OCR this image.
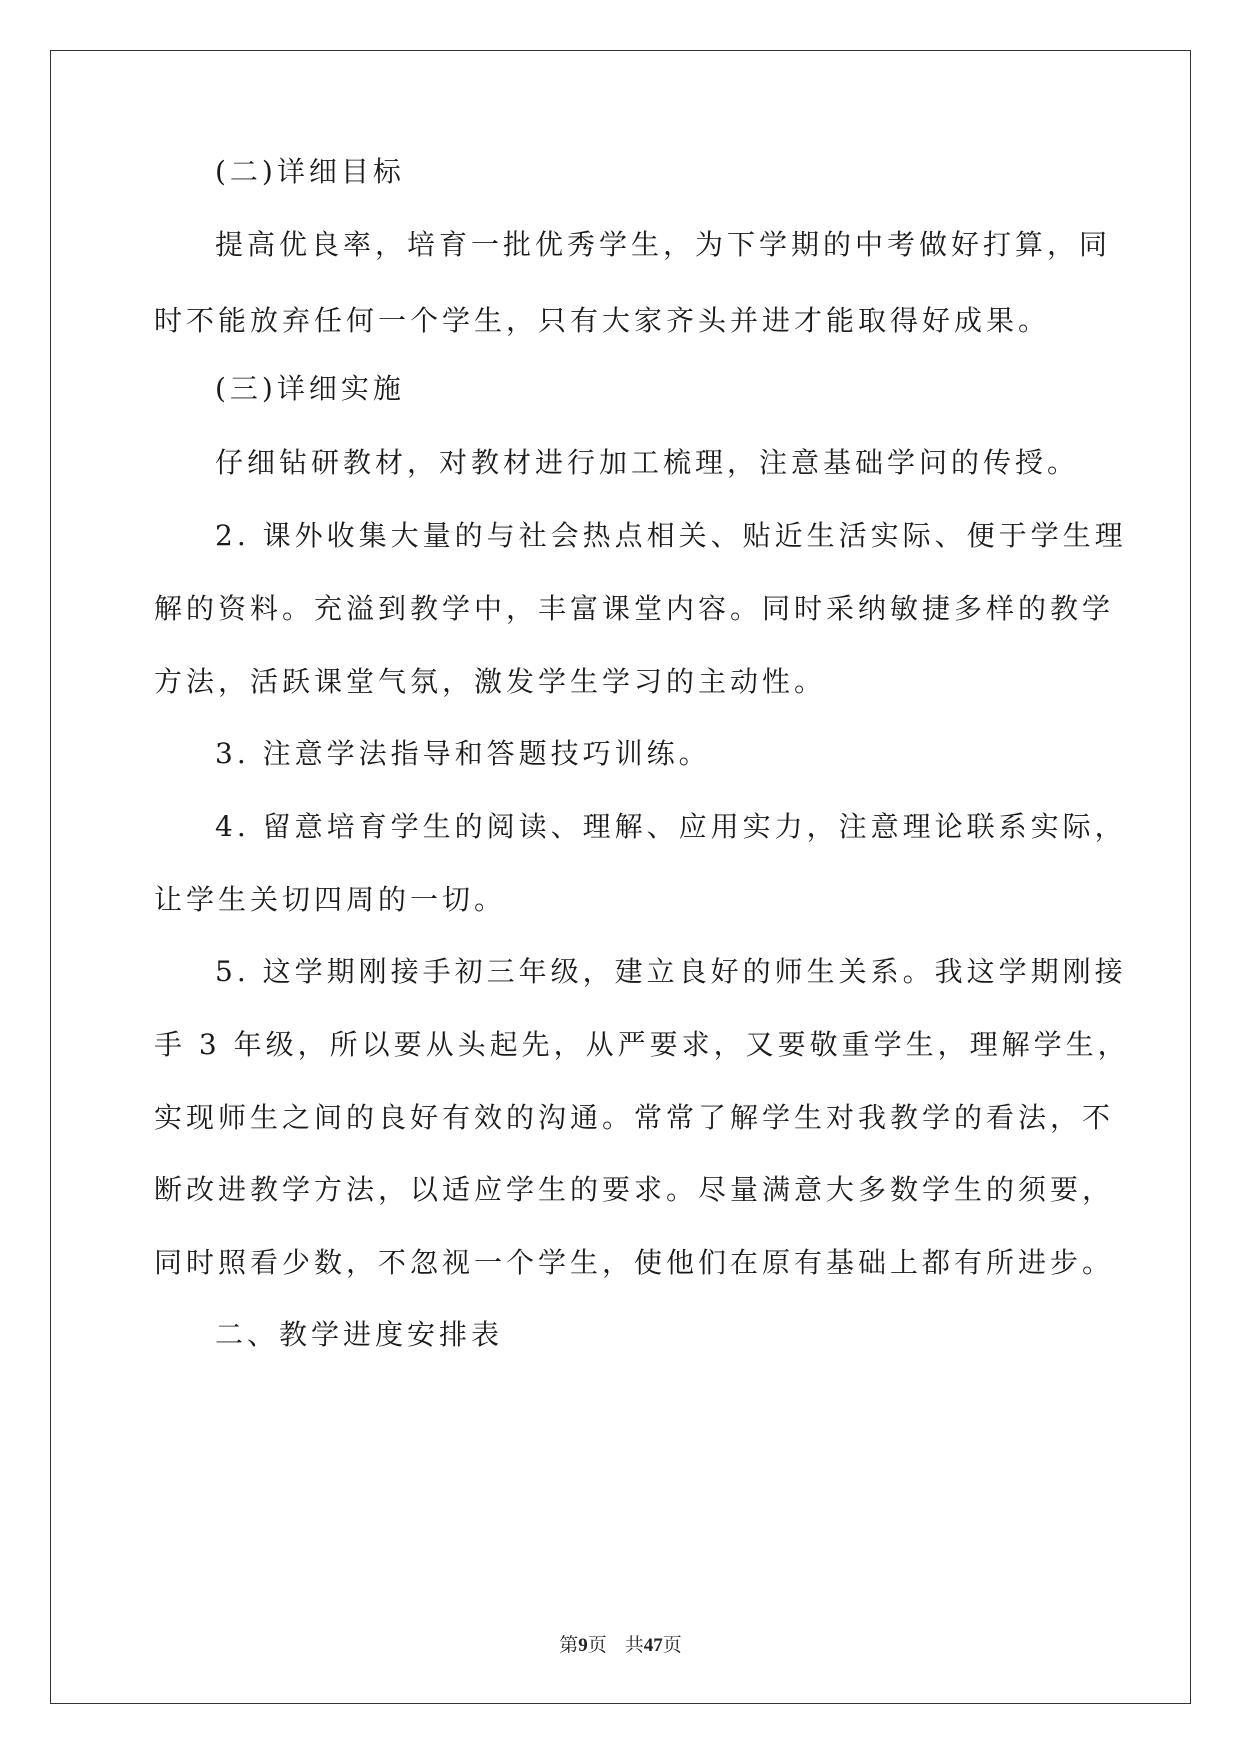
(二)详细目标
提高优良率，培育一批优秀学生，为下学期的中考做好打算，同
时不能放弃任何一个学生，只有大家齐头并进才能取得好成果。
(三)详细实施
仔细钻研教材，对教材进行加工梳理，注意基础学问的传授。
2. 课外收集大量的与社会热点相关、贴近生活实际、便于学生理
解的资料。充溢到教学中，丰富课堂内容。同时采纳敏捷多样的教学
方法，活跃课堂气氛，激发学生学习的主动性。
3. 注意学法指导和答题技巧训练。
4. 留意培育学生的阅读、理解、应用实力，注意理论联系实际，
让学生关切四周的一切。
5. 这学期刚接手初三年级，建立良好的师生关系。我这学期刚接
手 3 年级，所以要从头起先，从严要求，又要敬重学生，理解学生，
实现师生之间的良好有效的沟通。常常了解学生对我教学的看法，不
断改进教学方法，以适应学生的要求。尽量满意大多数学生的须要，
同时照看少数，不忽视一个学生，使他们在原有基础上都有所进步。
二、教学进度安排表
第9页 共47页
